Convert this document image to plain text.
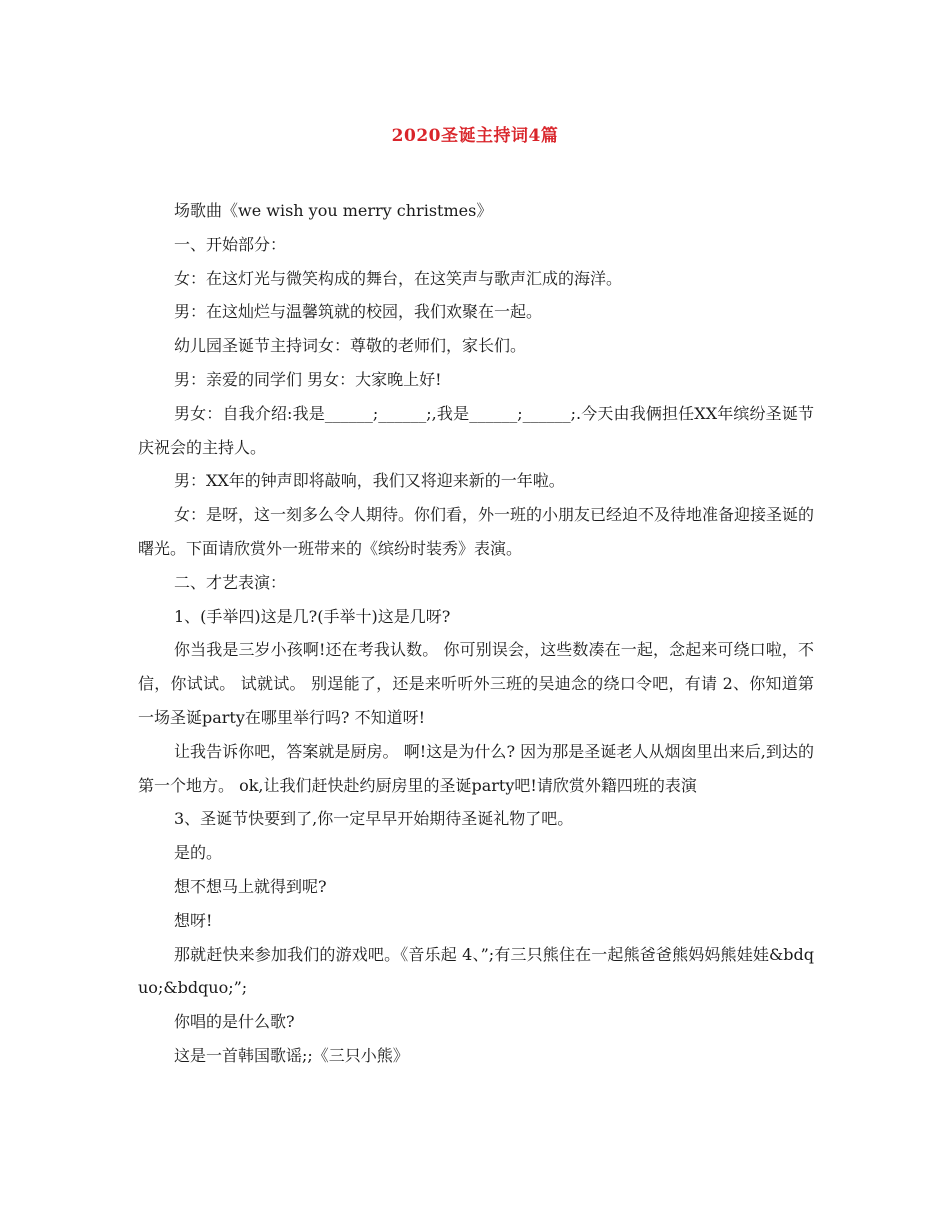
2020圣诞主持词4篇

场歌曲《we wish you merry christmes》

一、开始部分：

女：在这灯光与微笑构成的舞台，在这笑声与歌声汇成的海洋。

男：在这灿烂与温馨筑就的校园，我们欢聚在一起。

幼儿园圣诞节主持词女：尊敬的老师们，家长们。

男：亲爱的同学们 男女：大家晚上好!

男女：自我介绍:我是______;______;,我是______;______;.今天由我俩担任XX年缤纷圣诞节庆祝会的主持人。

男：XX年的钟声即将敲响，我们又将迎来新的一年啦。

女：是呀，这一刻多么令人期待。你们看，外一班的小朋友已经迫不及待地准备迎接圣诞的曙光。下面请欣赏外一班带来的《缤纷时装秀》表演。

二、才艺表演：

1、(手举四)这是几?(手举十)这是几呀?

你当我是三岁小孩啊!还在考我认数。 你可别误会，这些数凑在一起，念起来可绕口啦，不信，你试试。 试就试。 别逞能了，还是来听听外三班的吴迪念的绕口令吧，有请 2、你知道第一场圣诞party在哪里举行吗? 不知道呀!

让我告诉你吧，答案就是厨房。 啊!这是为什么? 因为那是圣诞老人从烟囱里出来后,到达的第一个地方。 ok,让我们赶快赴约厨房里的圣诞party吧!请欣赏外籍四班的表演

3、圣诞节快要到了,你一定早早开始期待圣诞礼物了吧。

是的。

想不想马上就得到呢?

想呀!

那就赶快来参加我们的游戏吧。《音乐起 4、”;有三只熊住在一起熊爸爸熊妈妈熊娃娃&bdquo;&bdquo;”;

你唱的是什么歌?

这是一首韩国歌谣;;《三只小熊》
